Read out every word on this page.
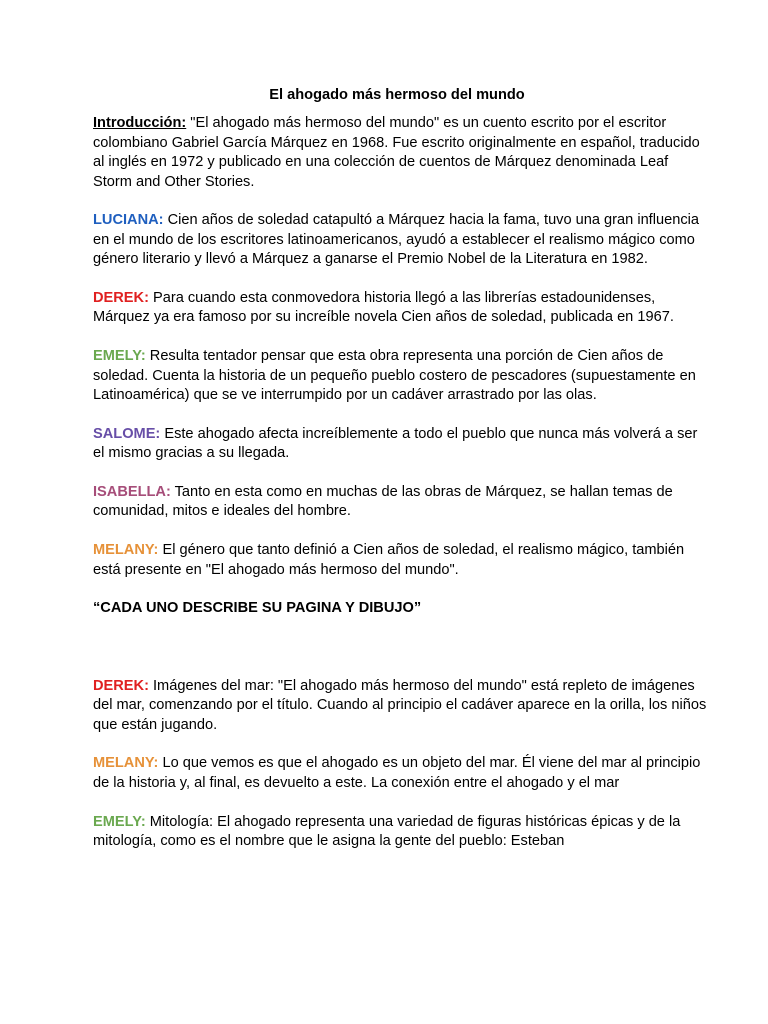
El ahogado más hermoso del mundo

Introducción: "El ahogado más hermoso del mundo" es un cuento escrito por el escritor colombiano Gabriel García Márquez en 1968. Fue escrito originalmente en español, traducido al inglés en 1972 y publicado en una colección de cuentos de Márquez denominada Leaf Storm and Other Stories.

LUCIANA: Cien años de soledad catapultó a Márquez hacia la fama, tuvo una gran influencia en el mundo de los escritores latinoamericanos, ayudó a establecer el realismo mágico como género literario y llevó a Márquez a ganarse el Premio Nobel de la Literatura en 1982.

DEREK: Para cuando esta conmovedora historia llegó a las librerías estadounidenses, Márquez ya era famoso por su increíble novela Cien años de soledad, publicada en 1967.

EMELY: Resulta tentador pensar que esta obra representa una porción de Cien años de soledad. Cuenta la historia de un pequeño pueblo costero de pescadores (supuestamente en Latinoamérica) que se ve interrumpido por un cadáver arrastrado por las olas.

SALOME: Este ahogado afecta increíblemente a todo el pueblo que nunca más volverá a ser el mismo gracias a su llegada.

ISABELLA: Tanto en esta como en muchas de las obras de Márquez, se hallan temas de comunidad, mitos e ideales del hombre.

MELANY: El género que tanto definió a Cien años de soledad, el realismo mágico, también está presente en "El ahogado más hermoso del mundo".

“CADA UNO DESCRIBE SU PAGINA Y DIBUJO”

DEREK: Imágenes del mar: "El ahogado más hermoso del mundo" está repleto de imágenes del mar, comenzando por el título. Cuando al principio el cadáver aparece en la orilla, los niños que están jugando.

MELANY: Lo que vemos es que el ahogado es un objeto del mar. Él viene del mar al principio de la historia y, al final, es devuelto a este. La conexión entre el ahogado y el mar

EMELY: Mitología: El ahogado representa una variedad de figuras históricas épicas y de la mitología, como es el nombre que le asigna la gente del pueblo: Esteban
